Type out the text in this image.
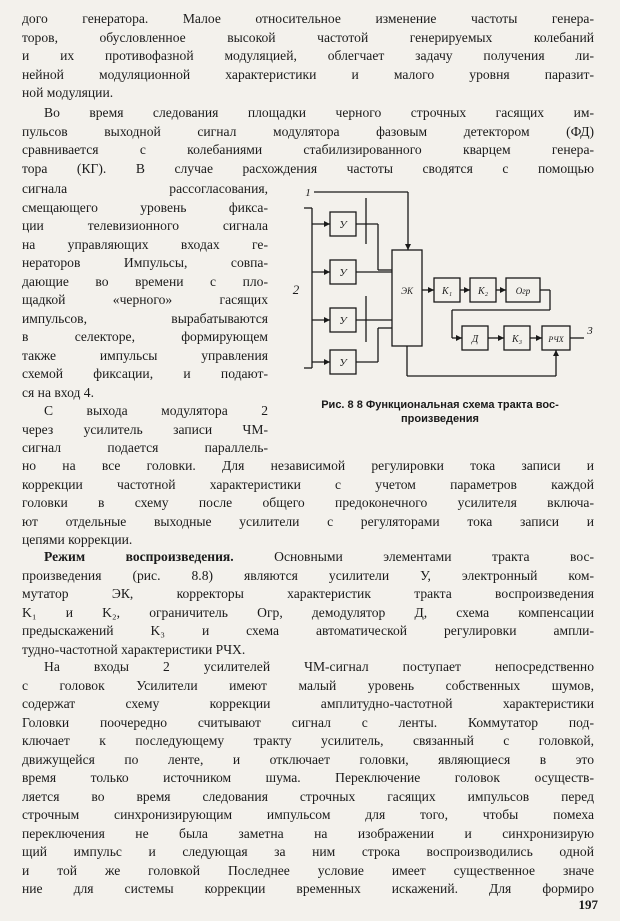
дого генератора. Малое относительное изменение частоты генера-
торов, обусловленное высокой частотой генерируемых колебаний
и их противофазной модуляцией, облегчает задачу получения ли-
нейной модуляционной характеристики и малого уровня паразит-
ной модуляции.
Во время следования площадки черного строчных гасящих им-
пульсов выходной сигнал модулятора фазовым детектором (ФД)
сравнивается с колебаниями стабилизированного кварцем генера-
тора (КГ). В случае расхождения частоты сводятся с помощью
сигнала рассогласования,
смещающего уровень фикса-
ции телевизионного сигнала
на управляющих входах ге-
нераторов Импульсы, совпа-
дающие во времени с пло-
щадкой «черного» гасящих
импульсов, вырабатываются
в селекторе, формирующем
также импульсы управления
схемой фиксации, и подают-
ся на вход 4.
С выхода модулятора 2
через усилитель записи ЧМ-
сигнал подается параллель-
1
2
3
У
У
У
У
ЭК	К₁	К₂	Огр
Д	К₃	РЧХ
Рис. 8 8 Функциональная схема тракта вос-
произведения
но на все головки. Для независимой регулировки тока записи и
коррекции частотной характеристики с учетом параметров каждой
головки в схему после общего предоконечного усилителя включа-
ют отдельные выходные усилители с регуляторами тока записи и
цепями коррекции.
Режим воспроизведения. Основными элементами тракта вос-
произведения (рис. 8.8) являются усилители У, электронный ком-
мутатор ЭК, корректоры характеристик тракта воспроизведения
K₁ и K₂, ограничитель Огр, демодулятор Д, схема компенсации
предыскажений K₃ и схема автоматической регулировки ампли-
тудно-частотной характеристики РЧХ.
На входы 2 усилителей ЧМ-сигнал поступает непосредственно
с головок Усилители имеют малый уровень собственных шумов,
содержат схему коррекции амплитудно-частотной характеристики
Головки поочередно считывают сигнал с ленты. Коммутатор под-
ключает к последующему тракту усилитель, связанный с головкой,
движущейся по ленте, и отключает головки, являющиеся в это
время только источником шума. Переключение головок осуществ-
ляется во время следования строчных гасящих импульсов перед
строчным синхронизирующим импульсом для того, чтобы помеха
переключения не была заметна на изображении и синхронизирую
щий импульс и следующая за ним строка воспроизводились одной
и той же головкой Последнее условие имеет существенное значе
ние для системы коррекции временных искажений. Для формиро
197
